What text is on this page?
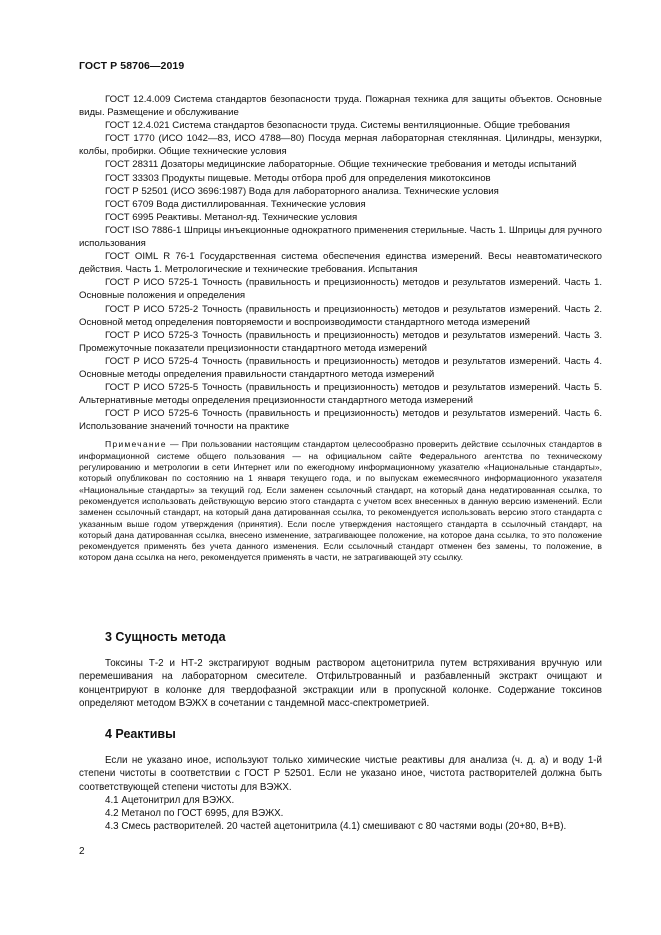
ГОСТ Р 58706—2019

ГОСТ 12.4.009 Система стандартов безопасности труда. Пожарная техника для защиты объектов. Основные виды. Размещение и обслуживание

ГОСТ 12.4.021 Система стандартов безопасности труда. Системы вентиляционные. Общие требования

ГОСТ 1770 (ИСО 1042—83, ИСО 4788—80) Посуда мерная лабораторная стеклянная. Цилиндры, мензурки, колбы, пробирки. Общие технические условия

ГОСТ 28311 Дозаторы медицинские лабораторные. Общие технические требования и методы испытаний

ГОСТ 33303 Продукты пищевые. Методы отбора проб для определения микотоксинов

ГОСТ Р 52501 (ИСО 3696:1987) Вода для лабораторного анализа. Технические условия

ГОСТ 6709 Вода дистиллированная. Технические условия

ГОСТ 6995 Реактивы. Метанол-яд. Технические условия

ГОСТ ISO 7886-1 Шприцы инъекционные однократного применения стерильные. Часть 1. Шприцы для ручного использования

ГОСТ OIML R 76-1 Государственная система обеспечения единства измерений. Весы неавтоматического действия. Часть 1. Метрологические и технические требования. Испытания

ГОСТ Р ИСО 5725-1 Точность (правильность и прецизионность) методов и результатов измерений. Часть 1. Основные положения и определения

ГОСТ Р ИСО 5725-2 Точность (правильность и прецизионность) методов и результатов измерений. Часть 2. Основной метод определения повторяемости и воспроизводимости стандартного метода измерений

ГОСТ Р ИСО 5725-3 Точность (правильность и прецизионность) методов и результатов измерений. Часть 3. Промежуточные показатели прецизионности стандартного метода измерений

ГОСТ Р ИСО 5725-4 Точность (правильность и прецизионность) методов и результатов измерений. Часть 4. Основные методы определения правильности стандартного метода измерений

ГОСТ Р ИСО 5725-5 Точность (правильность и прецизионность) методов и результатов измерений. Часть 5. Альтернативные методы определения прецизионности стандартного метода измерений

ГОСТ Р ИСО 5725-6 Точность (правильность и прецизионность) методов и результатов измерений. Часть 6. Использование значений точности на практике

Примечание — При пользовании настоящим стандартом целесообразно проверить действие ссылочных стандартов в информационной системе общего пользования — на официальном сайте Федерального агентства по техническому регулированию и метрологии в сети Интернет или по ежегодному информационному указателю «Национальные стандарты», который опубликован по состоянию на 1 января текущего года, и по выпускам ежемесячного информационного указателя «Национальные стандарты» за текущий год. Если заменен ссылочный стандарт, на который дана недатированная ссылка, то рекомендуется использовать действующую версию этого стандарта с учетом всех внесенных в данную версию изменений. Если заменен ссылочный стандарт, на который дана датированная ссылка, то рекомендуется использовать версию этого стандарта с указанным выше годом утверждения (принятия). Если после утверждения настоящего стандарта в ссылочный стандарт, на который дана датированная ссылка, внесено изменение, затрагивающее положение, на которое дана ссылка, то это положение рекомендуется применять без учета данного изменения. Если ссылочный стандарт отменен без замены, то положение, в котором дана ссылка на него, рекомендуется применять в части, не затрагивающей эту ссылку.

3 Сущность метода

Токсины Т-2 и НТ-2 экстрагируют водным раствором ацетонитрила путем встряхивания вручную или перемешивания на лабораторном смесителе. Отфильтрованный и разбавленный экстракт очищают и концентрируют в колонке для твердофазной экстракции или в пропускной колонке. Содержание токсинов определяют методом ВЭЖХ в сочетании с тандемной масс-спектрометрией.

4 Реактивы

Если не указано иное, используют только химические чистые реактивы для анализа (ч. д. а) и воду 1-й степени чистоты в соответствии с ГОСТ Р 52501. Если не указано иное, чистота растворителей должна быть соответствующей степени чистоты для ВЭЖХ.

4.1 Ацетонитрил для ВЭЖХ.

4.2 Метанол по ГОСТ 6995, для ВЭЖХ.

4.3 Смесь растворителей. 20 частей ацетонитрила (4.1) смешивают с 80 частями воды (20+80, В+В).

2
